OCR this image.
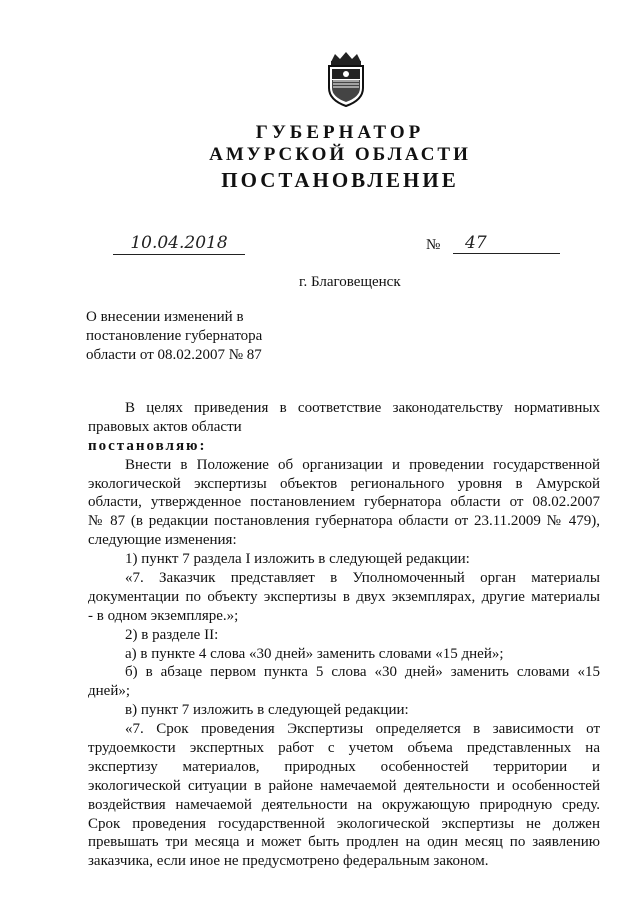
ГУБЕРНАТОР
АМУРСКОЙ ОБЛАСТИ
ПОСТАНОВЛЕНИЕ
10.04.2018	№	47
г. Благовещенск
О внесении изменений в
постановление губернатора
области от 08.02.2007 № 87
В целях приведения в соответствие законодательству нормативных
правовых актов области
постановляю:
Внести в Положение об организации и проведении государственной
экологической экспертизы объектов регионального уровня в Амурской
области, утвержденное постановлением губернатора области от 08.02.2007
№ 87 (в редакции постановления губернатора области от 23.11.2009 № 479),
следующие изменения:
1) пункт 7 раздела I изложить в следующей редакции:
«7. Заказчик представляет в Уполномоченный орган материалы
документации по объекту экспертизы в двух экземплярах, другие материалы
- в одном экземпляре.»;
2) в разделе II:
а) в пункте 4 слова «30 дней» заменить словами «15 дней»;
б) в абзаце первом пункта 5 слова «30 дней» заменить словами «15
дней»;
в) пункт 7 изложить в следующей редакции:
«7. Срок проведения Экспертизы определяется в зависимости от
трудоемкости экспертных работ с учетом объема представленных на
экспертизу материалов, природных особенностей территории и
экологической ситуации в районе намечаемой деятельности и особенностей
воздействия намечаемой деятельности на окружающую природную среду.
Срок проведения государственной экологической экспертизы не должен
превышать три месяца и может быть продлен на один месяц по заявлению
заказчика, если иное не предусмотрено федеральным законом.
